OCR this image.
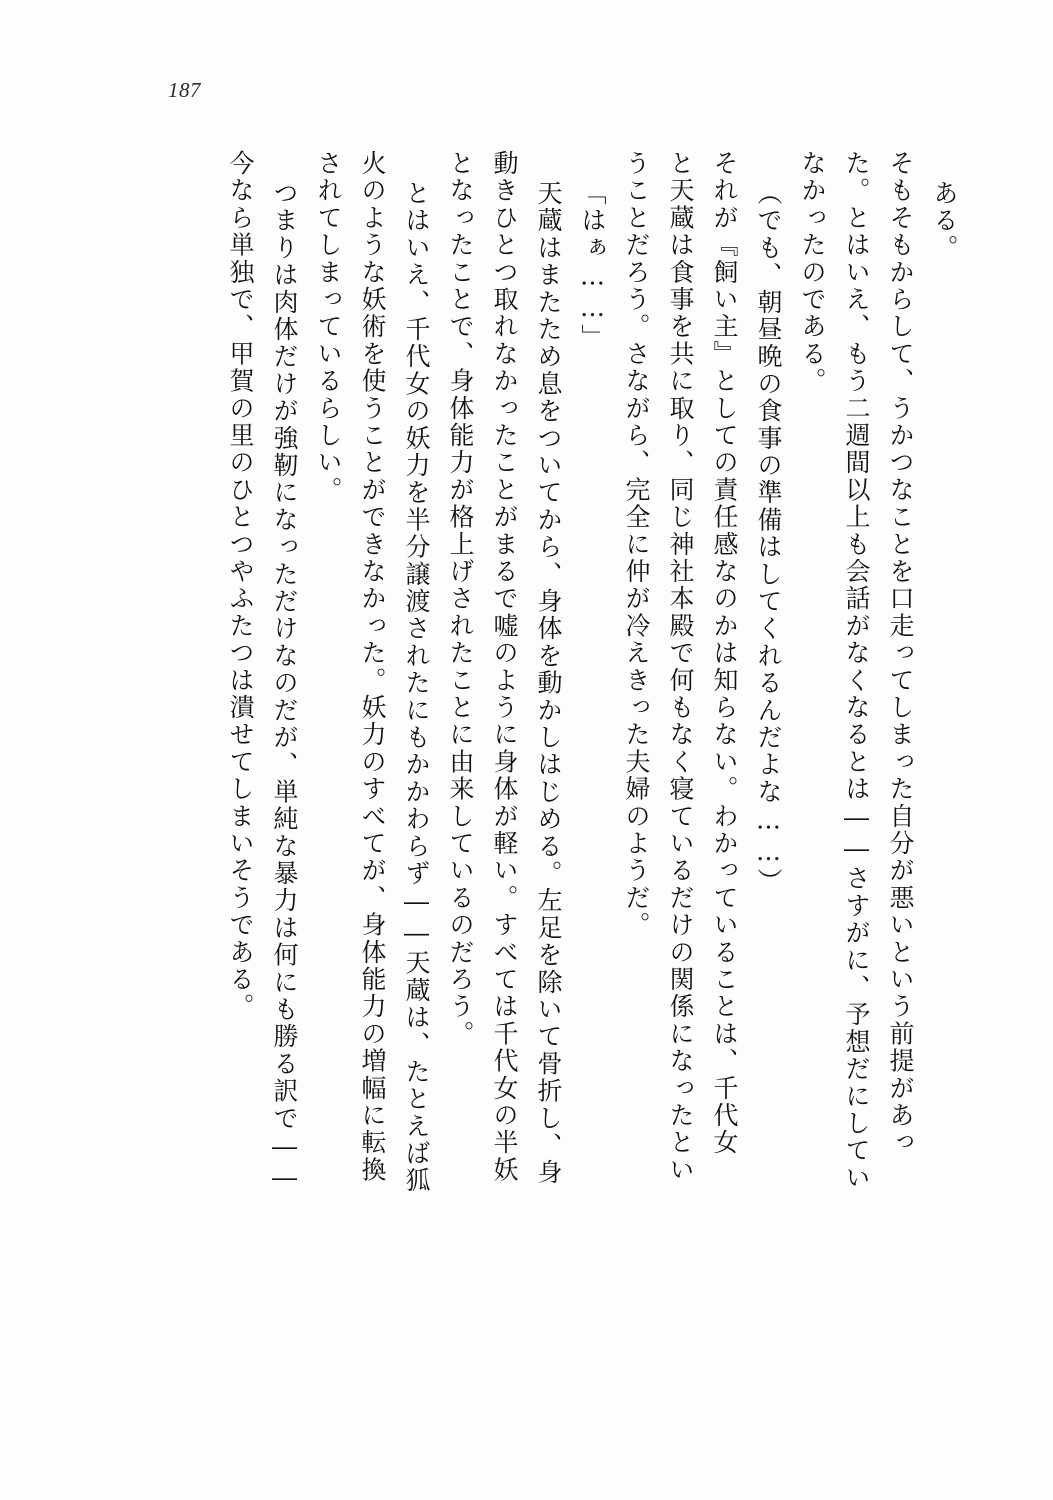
187
ある。
そもそもからして、うかつなことを口走ってしまった自分が悪いという前提があっ
た。とはいえ、もう二週間以上も会話がなくなるとは――さすがに、予想だにしてい
なかったのである。
（でも、朝昼晩の食事の準備はしてくれるんだよな……）
それが『飼い主』としての責任感なのかは知らない。わかっていることは、千代女
と天蔵は食事を共に取り、同じ神社本殿で何もなく寝ているだけの関係になったとい
うことだろう。さながら、完全に仲が冷えきった夫婦のようだ。
「はぁ……」
天蔵はまたため息をついてから、身体を動かしはじめる。左足を除いて骨折し、身
動きひとつ取れなかったことがまるで嘘のように身体が軽い。すべては千代女の半妖
となったことで、身体能力が格上げされたことに由来しているのだろう。
とはいえ、千代女の妖力を半分譲渡されたにもかかわらず――天蔵は、たとえば狐
火のような妖術を使うことができなかった。妖力のすべてが、身体能力の増幅に転換
されてしまっているらしい。
つまりは肉体だけが強靭になっただけなのだが、単純な暴力は何にも勝る訳で――
今なら単独で、甲賀の里のひとつやふたつは潰せてしまいそうである。
